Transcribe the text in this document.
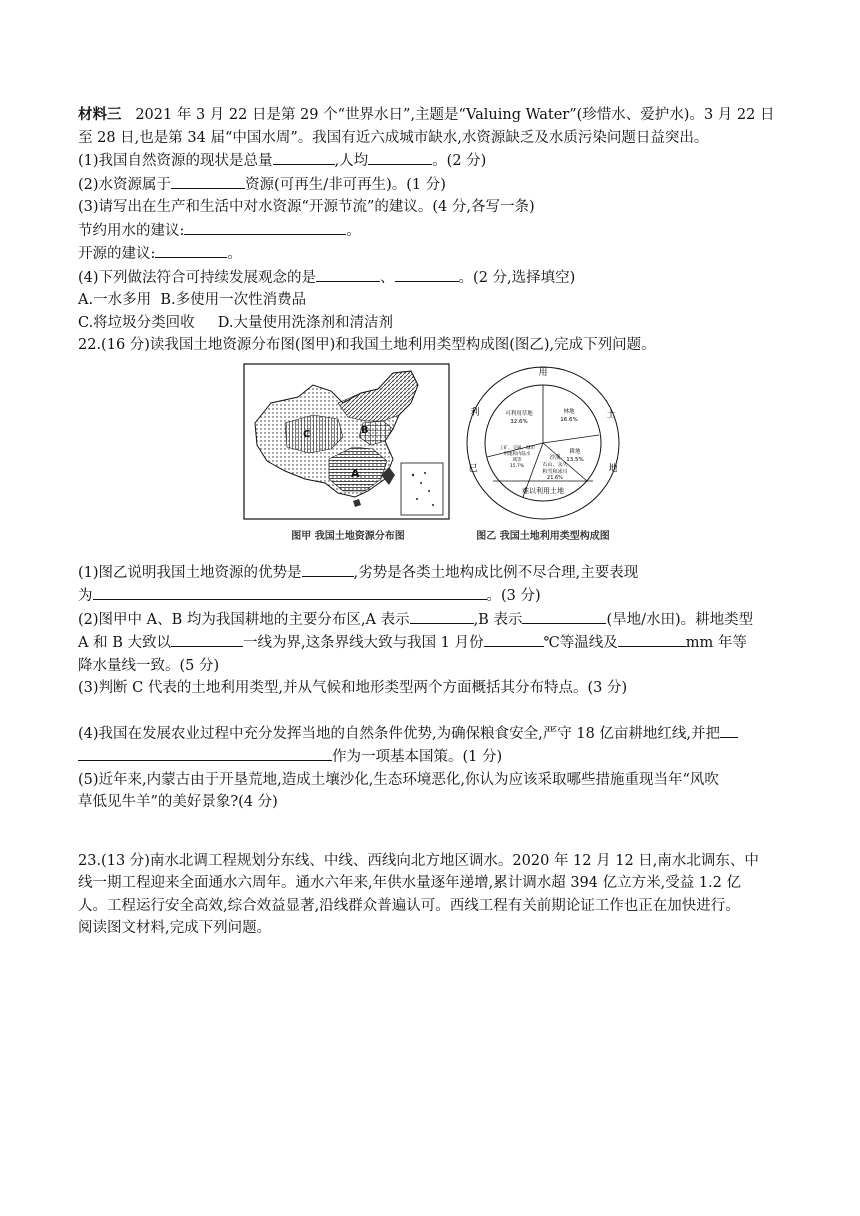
材料三 2021 年 3 月 22 日是第 29 个“世界水日”,主题是“Valuing Water”(珍惜水、爱护水)。3 月 22 日
至 28 日,也是第 34 届“中国水周”。我国有近六成城市缺水,水资源缺乏及水质污染问题日益突出。
(1)我国自然资源的现状是总量	,人均	。(2 分)
(2)水资源属于	资源(可再生/非可再生)。(1 分)
(3)请写出在生产和生活中对水资源“开源节流”的建议。(4 分,各写一条)
节约用水的建议:	。
开源的建议:	。
(4)下列做法符合可持续发展观念的是	、	。(2 分,选择填空)
A.一水多用 B.多使用一次性消费品
C.将垃圾分类回收 D.大量使用洗涤剂和清洁剂
22.(16 分)读我国土地资源分布图(图甲)和我国土地利用类型构成图(图乙),完成下列问题。
A
B
C
图甲 我国土地资源分布图
用
土
地
巳
利	可利用草地
32.6%
林地
16.6%
耕地
13.5%
沙漠
石山、永久
积雪和冰川
21.6%
工矿、交通、城市
用地和内陆水
域等
15.7%
难以利用土地
图乙 我国土地利用类型构成图
(1)图乙说明我国土地资源的优势是	,劣势是各类土地构成比例不尽合理,主要表现
为	。(3 分)
(2)图甲中 A、B 均为我国耕地的主要分布区,A 表示	,B 表示	(旱地/水田)。耕地类型
A 和 B 大致以	一线为界,这条界线大致与我国 1 月份	℃等温线及	mm 年等
降水量线一致。(5 分)
(3)判断 C 代表的土地利用类型,并从气候和地形类型两个方面概括其分布特点。(3 分)
(4)我国在发展农业过程中充分发挥当地的自然条件优势,为确保粮食安全,严守 18 亿亩耕地红线,并把
作为一项基本国策。(1 分)
(5)近年来,内蒙古由于开垦荒地,造成土壤沙化,生态环境恶化,你认为应该采取哪些措施重现当年“风吹
草低见牛羊”的美好景象?(4 分)
23.(13 分)南水北调工程规划分东线、中线、西线向北方地区调水。2020 年 12 月 12 日,南水北调东、中
线一期工程迎来全面通水六周年。通水六年来,年供水量逐年递增,累计调水超 394 亿立方米,受益 1.2 亿
人。工程运行安全高效,综合效益显著,沿线群众普遍认可。西线工程有关前期论证工作也正在加快进行。
阅读图文材料,完成下列问题。
